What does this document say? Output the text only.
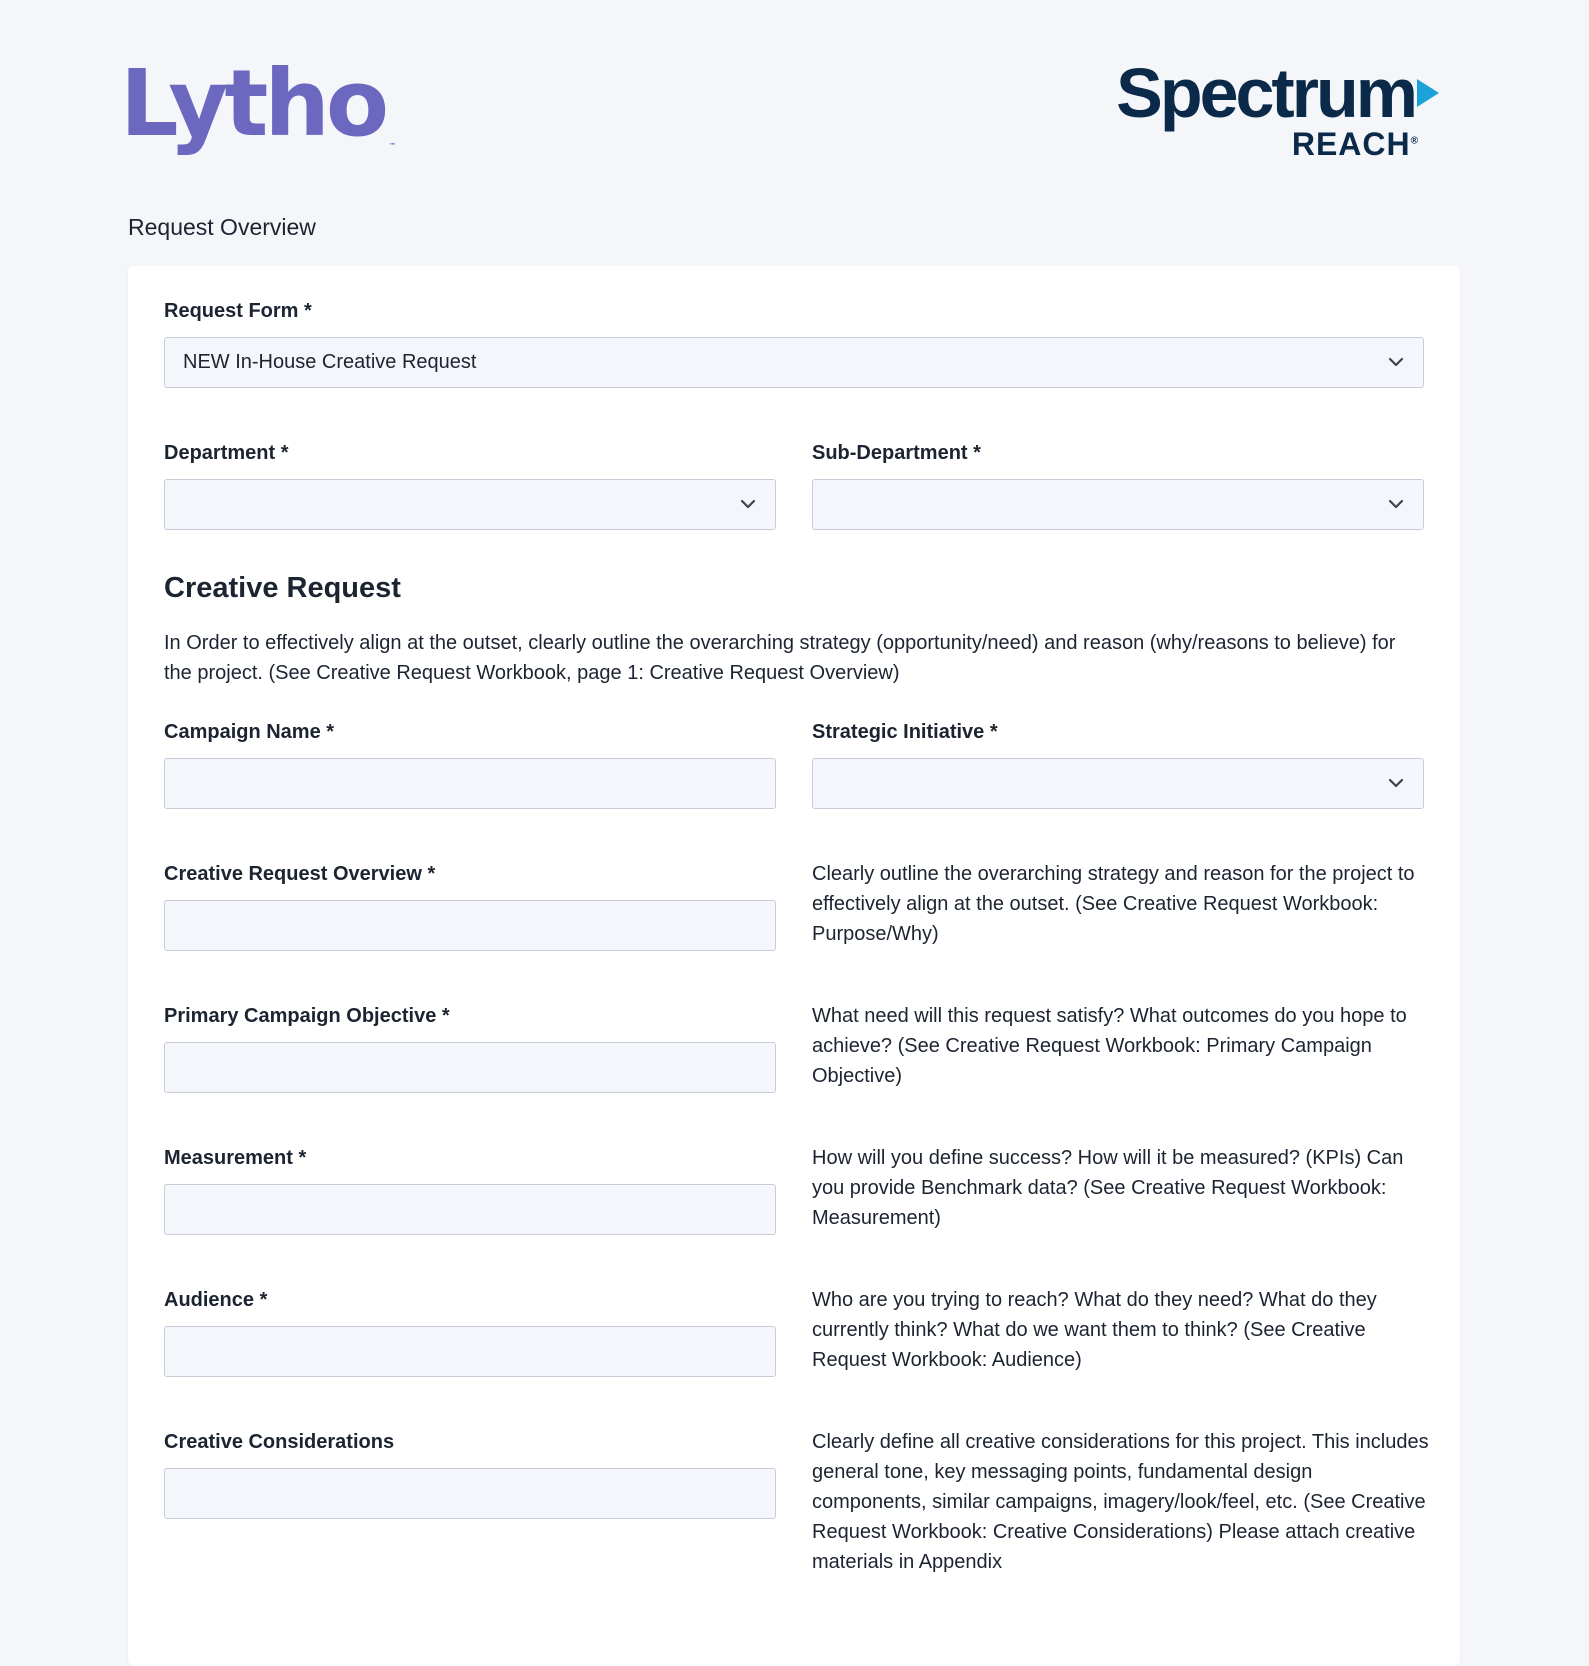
Lytho ™
Spectrum
REACH®
Request Overview
Request Form *
NEW In-House Creative Request
Department *	Sub-Department *
Creative Request
In Order to effectively align at the outset, clearly outline the overarching strategy (opportunity/need) and reason (why/reasons to believe) for the project. (See Creative Request Workbook, page 1: Creative Request Overview)
Campaign Name *	Strategic Initiative *
Creative Request Overview *	Clearly outline the overarching strategy and reason for the project to effectively align at the outset. (See Creative Request Workbook: Purpose/Why)
Primary Campaign Objective *	What need will this request satisfy? What outcomes do you hope to achieve? (See Creative Request Workbook: Primary Campaign Objective)
Measurement *	How will you define success? How will it be measured? (KPIs) Can you provide Benchmark data? (See Creative Request Workbook: Measurement)
Audience *	Who are you trying to reach? What do they need? What do they currently think? What do we want them to think? (See Creative Request Workbook: Audience)
Creative Considerations	Clearly define all creative considerations for this project. This includes general tone, key messaging points, fundamental design components, similar campaigns, imagery/look/feel, etc. (See Creative Request Workbook: Creative Considerations) Please attach creative materials in Appendix
